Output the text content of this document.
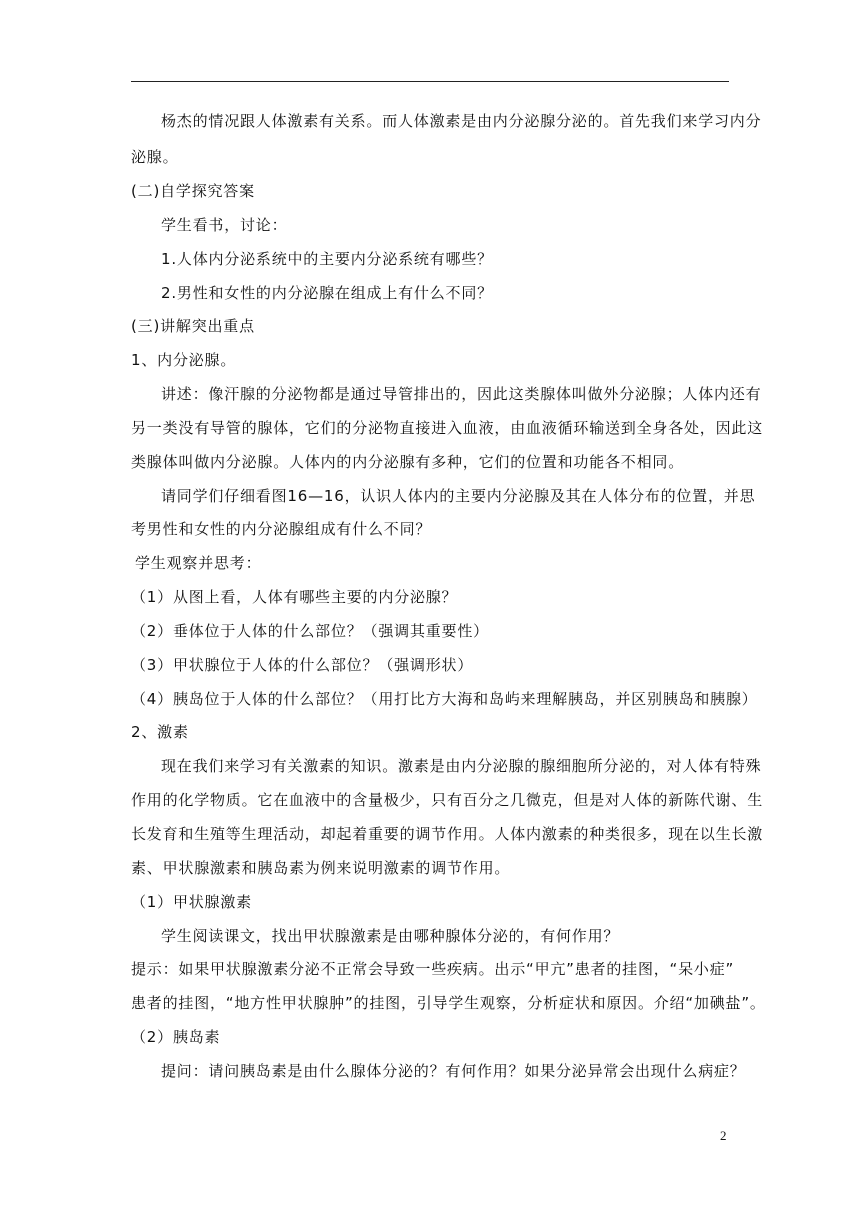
杨杰的情况跟人体激素有关系。而人体激素是由内分泌腺分泌的。首先我们来学习内分
泌腺。
(二)自学探究答案
学生看书，讨论：
1.人体内分泌系统中的主要内分泌系统有哪些？
2.男性和女性的内分泌腺在组成上有什么不同？
(三)讲解突出重点
1、内分泌腺。
讲述：像汗腺的分泌物都是通过导管排出的，因此这类腺体叫做外分泌腺；人体内还有
另一类没有导管的腺体，它们的分泌物直接进入血液，由血液循环输送到全身各处，因此这
类腺体叫做内分泌腺。人体内的内分泌腺有多种，它们的位置和功能各不相同。
请同学们仔细看图16—16，认识人体内的主要内分泌腺及其在人体分布的位置，并思
考男性和女性的内分泌腺组成有什么不同？
学生观察并思考：
（1）从图上看，人体有哪些主要的内分泌腺？
（2）垂体位于人体的什么部位？（强调其重要性）
（3）甲状腺位于人体的什么部位？（强调形状）
（4）胰岛位于人体的什么部位？（用打比方大海和岛屿来理解胰岛，并区别胰岛和胰腺）
2、激素
现在我们来学习有关激素的知识。激素是由内分泌腺的腺细胞所分泌的，对人体有特殊
作用的化学物质。它在血液中的含量极少，只有百分之几微克，但是对人体的新陈代谢、生
长发育和生殖等生理活动，却起着重要的调节作用。人体内激素的种类很多，现在以生长激
素、甲状腺激素和胰岛素为例来说明激素的调节作用。
（1）甲状腺激素
学生阅读课文，找出甲状腺激素是由哪种腺体分泌的，有何作用？
提示：如果甲状腺激素分泌不正常会导致一些疾病。出示“甲亢”患者的挂图，“呆小症”
患者的挂图，“地方性甲状腺肿”的挂图，引导学生观察，分析症状和原因。介绍“加碘盐”。
（2）胰岛素
提问：请问胰岛素是由什么腺体分泌的？有何作用？如果分泌异常会出现什么病症？
2
